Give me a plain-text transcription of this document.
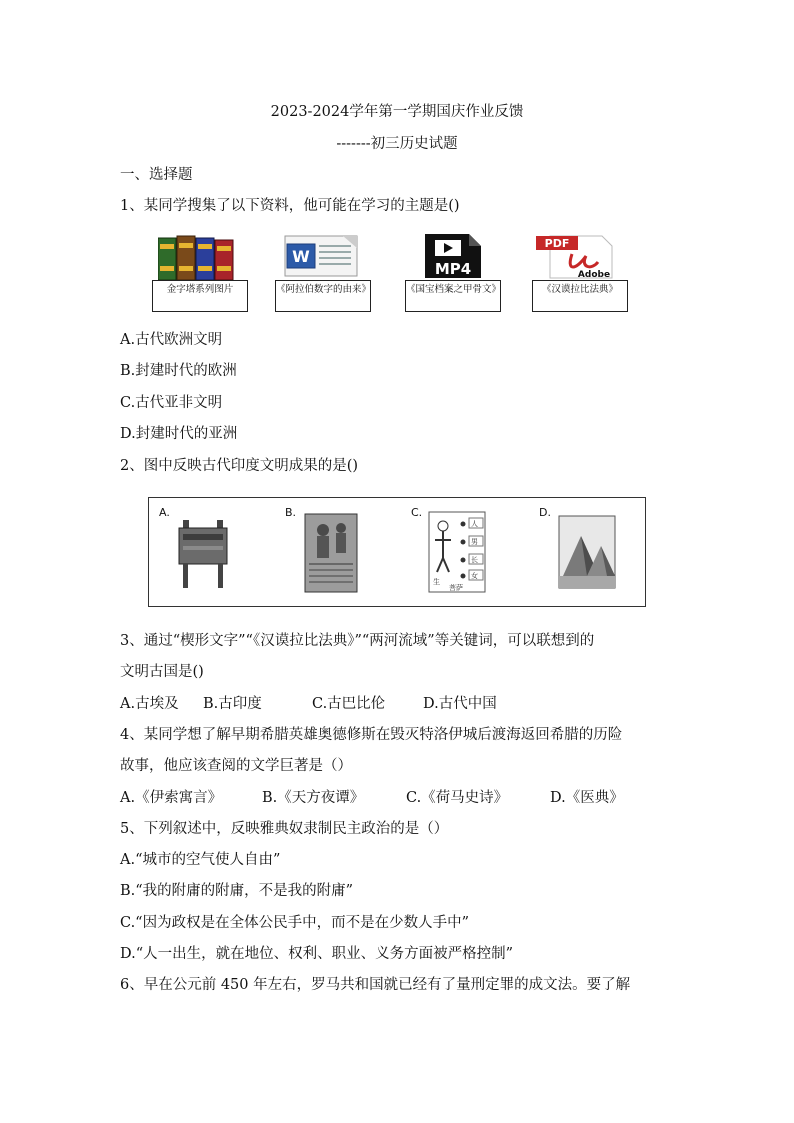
2023-2024学年第一学期国庆作业反馈
-------初三历史试题
一、选择题
1、某同学搜集了以下资料，他可能在学习的主题是()
金字塔系列图片
W
《阿拉伯数字的由来》
MP4
《国宝档案之甲骨文》
PDF
Adobe
《汉谟拉比法典》
A.古代欧洲文明
B.封建时代的欧洲
C.古代亚非文明
D.封建时代的亚洲
2、图中反映古代印度文明成果的是()
A.	B.	C.	D.
人
男
长
女
生
菩萨
3、通过“楔形文字”“《汉谟拉比法典》”“两河流域”等关键词，可以联想到的
文明古国是()
A.古埃及 B.古印度	C.古巴比伦	D.古代中国
4、某同学想了解早期希腊英雄奥德修斯在毁灭特洛伊城后渡海返回希腊的历险
故事，他应该查阅的文学巨著是（）
A.《伊索寓言》	B.《天方夜谭》	C.《荷马史诗》	D.《医典》
5、下列叙述中，反映雅典奴隶制民主政治的是（）
A.“城市的空气使人自由”
B.“我的附庸的附庸，不是我的附庸”
C.“因为政权是在全体公民手中，而不是在少数人手中”
D.“人一出生，就在地位、权利、职业、义务方面被严格控制”
6、早在公元前 450 年左右，罗马共和国就已经有了量刑定罪的成文法。要了解
